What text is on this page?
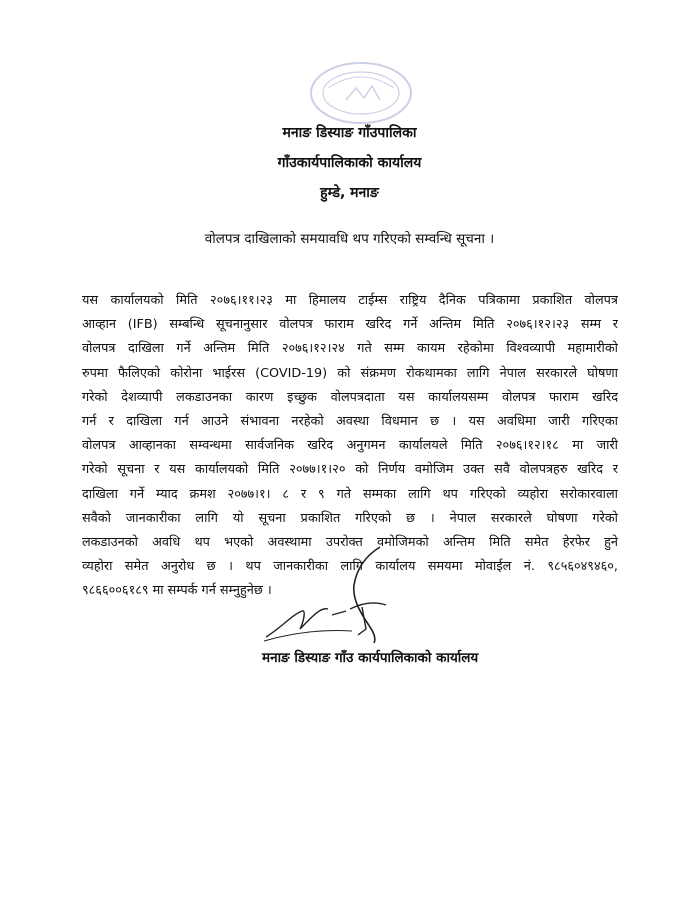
मनाङ डिस्याङ गाँउपालिका
गाँउकार्यपालिकाको कार्यालय
हुम्डे, मनाङ
वोलपत्र दाखिलाको समयावधि थप गरिएको सम्वन्धि सूचना ।
यस कार्यालयको मिति २०७६।११।२३ मा हिमालय टाईम्स राष्ट्रिय दैनिक पत्रिकामा प्रकाशित वोलपत्र
आव्हान (IFB) सम्बन्धि सूचनानुसार वोलपत्र फाराम खरिद गर्ने अन्तिम मिति २०७६।१२।२३ सम्म र
वोलपत्र दाखिला गर्ने अन्तिम मिति २०७६।१२।२४ गते सम्म कायम रहेकोमा विश्वव्यापी महामारीको
रुपमा फैलिएको कोरोना भाईरस (COVID-19) को संक्रमण रोकथामका लागि नेपाल सरकारले घोषणा
गरेको देशव्यापी लकडाउनका कारण इच्छुक वोलपत्रदाता यस कार्यालयसम्म वोलपत्र फाराम खरिद
गर्न र दाखिला गर्न आउने संभावना नरहेको अवस्था विधमान छ । यस अवधिमा जारी गरिएका
वोलपत्र आव्हानका सम्वन्धमा सार्वजनिक खरिद अनुगमन कार्यालयले मिति २०७६।१२।१८ मा जारी
गरेको सूचना र यस कार्यालयको मिति २०७७।१।२० को निर्णय वमोजिम उक्त सवै वोलपत्रहरु खरिद र
दाखिला गर्ने म्याद क्रमश २०७७।१। ८ र ९ गते सम्मका लागि थप गरिएको व्यहोरा सरोकारवाला
सवैको जानकारीका लागि यो सूचना प्रकाशित गरिएको छ । नेपाल सरकारले घोषणा गरेको
लकडाउनको अवधि थप भएको अवस्थामा उपरोक्त वमोजिमको अन्तिम मिति समेत हेरफेर हुने
व्यहोरा समेत अनुरोध छ । थप जानकारीका लागि कार्यालय समयमा मोवाईल नं. ९८५६०४९४६०,
९८६६००६१८९ मा सम्पर्क गर्न सम्नुहुनेछ ।
मनाङ डिस्याङ गाँउ कार्यपालिकाको कार्यालय
